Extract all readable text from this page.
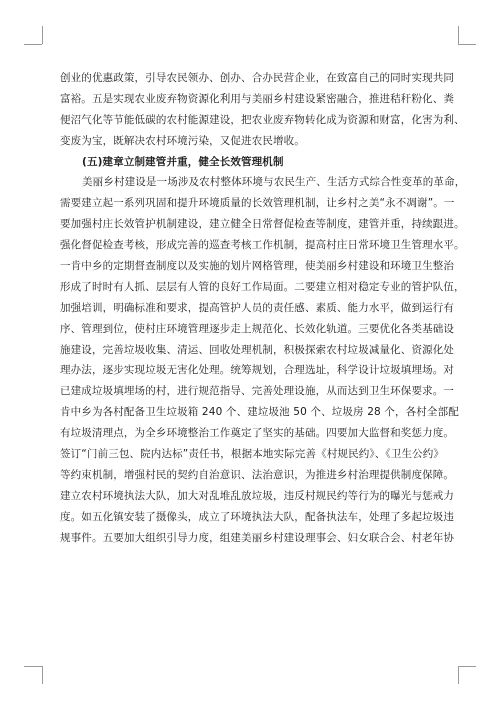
创业的优惠政策，引导农民领办、创办、合办民营企业，在致富自己的同时实现共同
富裕。五是实现农业废弃物资源化利用与美丽乡村建设紧密融合，推进秸秆粉化、粪
便沼气化等节能低碳的农村能源建设，把农业废弃物转化成为资源和财富，化害为利、
变废为宝，既解决农村环境污染，又促进农民增收。
(五)建章立制建管并重，健全长效管理机制
美丽乡村建设是一场涉及农村整体环境与农民生产、生活方式综合性变革的革命，
需要建立起一系列巩固和提升环境质量的长效管理机制，让乡村之美“永不凋谢”。一
要加强村庄长效管护机制建设，建立健全日常督促检查等制度，建管并重，持续跟进。
强化督促检查考核，形成完善的巡查考核工作机制，提高村庄日常环境卫生管理水平。
一肯中乡的定期督查制度以及实施的划片网格管理，使美丽乡村建设和环境卫生整治
形成了时时有人抓、层层有人管的良好工作局面。二要建立相对稳定专业的管护队伍，
加强培训，明确标准和要求，提高管护人员的责任感、素质、能力水平，做到运行有
序、管理到位，使村庄环境管理逐步走上规范化、长效化轨道。三要优化各类基础设
施建设，完善垃圾收集、清运、回收处理机制，积极探索农村垃圾减量化、资源化处
理办法，逐步实现垃圾无害化处理。统筹规划，合理选址，科学设计垃圾填埋场。对
已建成垃圾填埋场的村，进行规范指导、完善处理设施，从而达到卫生环保要求。一
肯中乡为各村配备卫生垃圾箱 240 个、建垃圾池 50 个、垃圾房 28 个，各村全部配
有垃圾清理点，为全乡环境整治工作奠定了坚实的基础。四要加大监督和奖惩力度。
签订“门前三包、院内达标”责任书，根据本地实际完善《村规民约》、《卫生公约》
等约束机制，增强村民的契约自治意识、法治意识，为推进乡村治理提供制度保障。
建立农村环境执法大队，加大对乱堆乱放垃圾，违反村规民约等行为的曝光与惩戒力
度。如五化镇安装了摄像头，成立了环境执法大队，配备执法车，处理了多起垃圾违
规事件。五要加大组织引导力度，组建美丽乡村建设理事会、妇女联合会、村老年协
